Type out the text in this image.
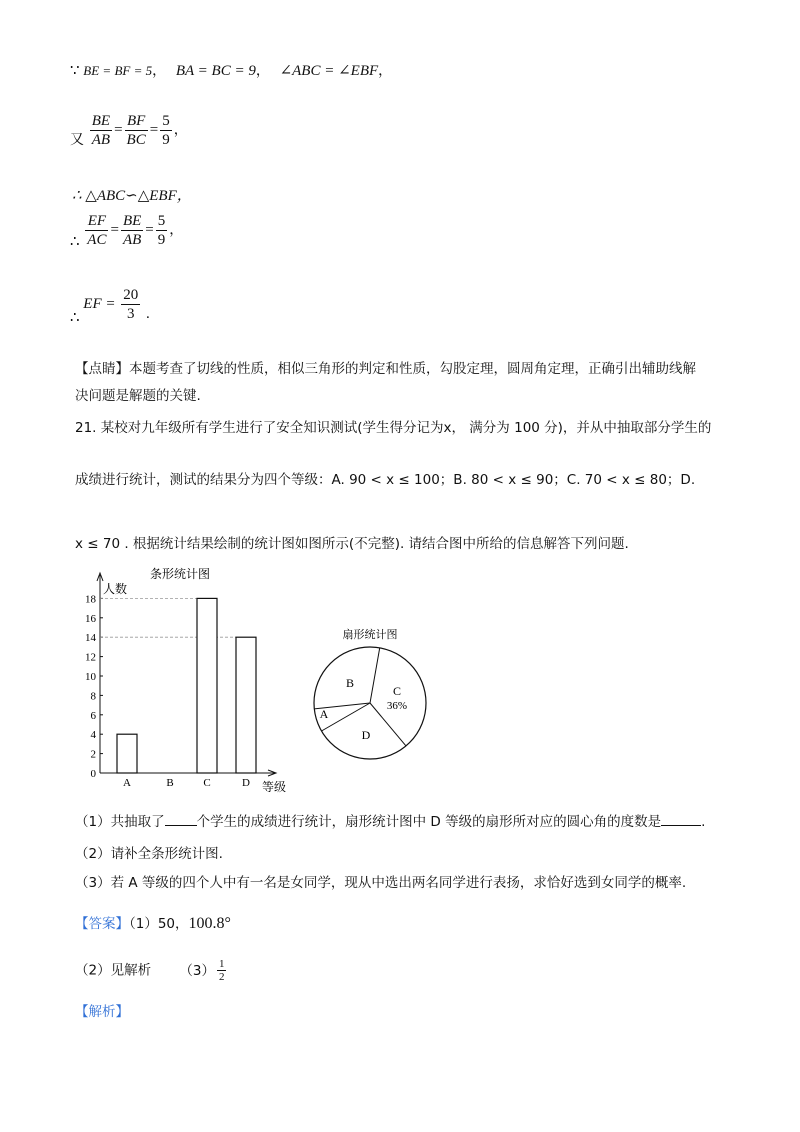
∵ BE = BF = 5， BA = BC = 9， ∠ABC = ∠EBF，
又 $\frac{BE}{AB} = \frac{BF}{BC} = \frac{5}{9}$ ，
∴ △ABC∽△EBF，
∴ $\frac{EF}{AC} = \frac{BE}{AB} = \frac{5}{9}$ ，
∴ EF = $\frac{20}{3}$ .
【点睛】本题考查了切线的性质，相似三角形的判定和性质，勾股定理，圆周角定理，正确引出辅助线解
决问题是解题的关键.
21. 某校对九年级所有学生进行了安全知识测试(学生得分记为x， 满分为 100 分)，并从中抽取部分学生的
成绩进行统计，测试的结果分为四个等级：A. 90 < x ≤ 100；B. 80 < x ≤ 90；C. 70 < x ≤ 80；D.
x ≤ 70 . 根据统计结果绘制的统计图如图所示(不完整). 请结合图中所给的信息解答下列问题.
条形统计图
人数
等级
0
2
4
6
8
10
12
14
16
18
A	B	C	D
扇形统计图
A
B
C
36%
D
（1）共抽取了 个学生的成绩进行统计，扇形统计图中 D 等级的扇形所对应的圆心角的度数是	.
（2）请补全条形统计图.
（3）若 A 等级的四个人中有一名是女同学，现从中选出两名同学进行表扬，求恰好选到女同学的概率.
【答案】（1）50，100.8°
（2）见解析 $(3) \frac{1}{2}$
【解析】
